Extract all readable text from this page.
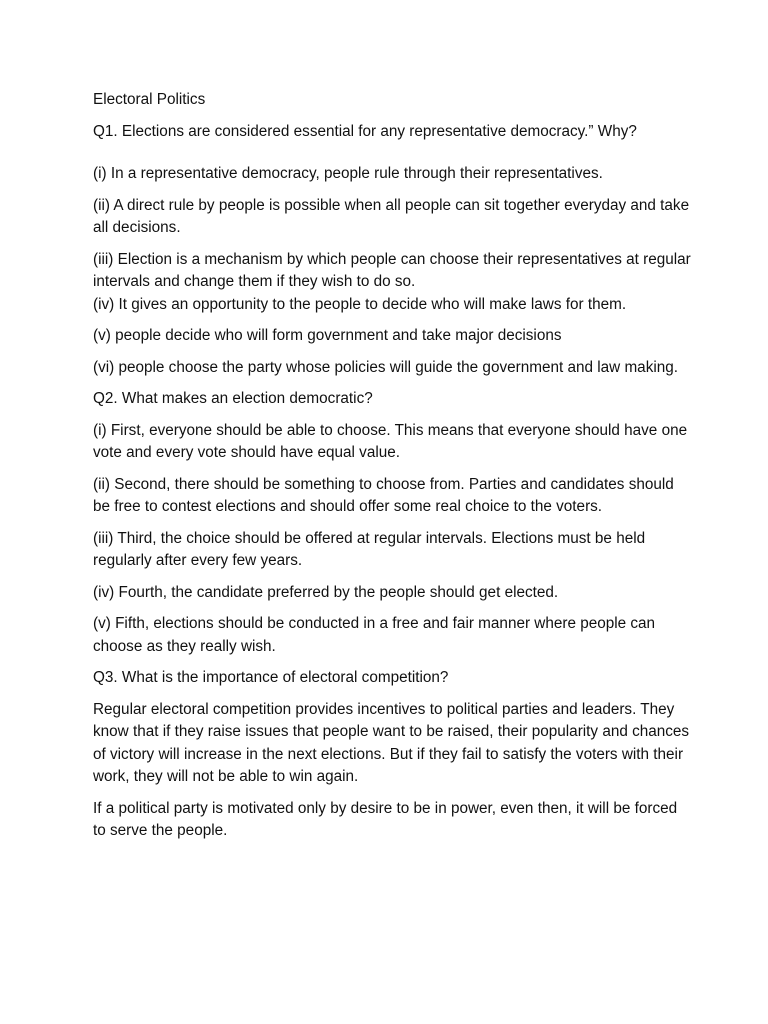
Electoral Politics

Q1. Elections are considered essential for any representative democracy.” Why?

(i) In a representative democracy, people rule through their representatives.

(ii) A direct rule by people is possible when all people can sit together everyday and take all decisions.

(iii) Election is a mechanism by which people can choose their representatives at regular intervals and change them if they wish to do so.

(iv) It gives an opportunity to the people to decide who will make laws for them.

(v) people decide who will form government and take major decisions

(vi) people choose the party whose policies will guide the government and law making.

Q2. What makes an election democratic?

(i) First, everyone should be able to choose. This means that everyone should have one vote and every vote should have equal value.

(ii) Second, there should be something to choose from. Parties and candidates should be free to contest elections and should offer some real choice to the voters.

(iii) Third, the choice should be offered at regular intervals. Elections must be held regularly after every few years.

(iv) Fourth, the candidate preferred by the people should get elected.

(v) Fifth, elections should be conducted in a free and fair manner where people can choose as they really wish.

Q3. What is the importance of electoral competition?

Regular electoral competition provides incentives to political parties and leaders. They know that if they raise issues that people want to be raised, their popularity and chances of victory will increase in the next elections. But if they fail to satisfy the voters with their work, they will not be able to win again.

If a political party is motivated only by desire to be in power, even then, it will be forced to serve the people.
